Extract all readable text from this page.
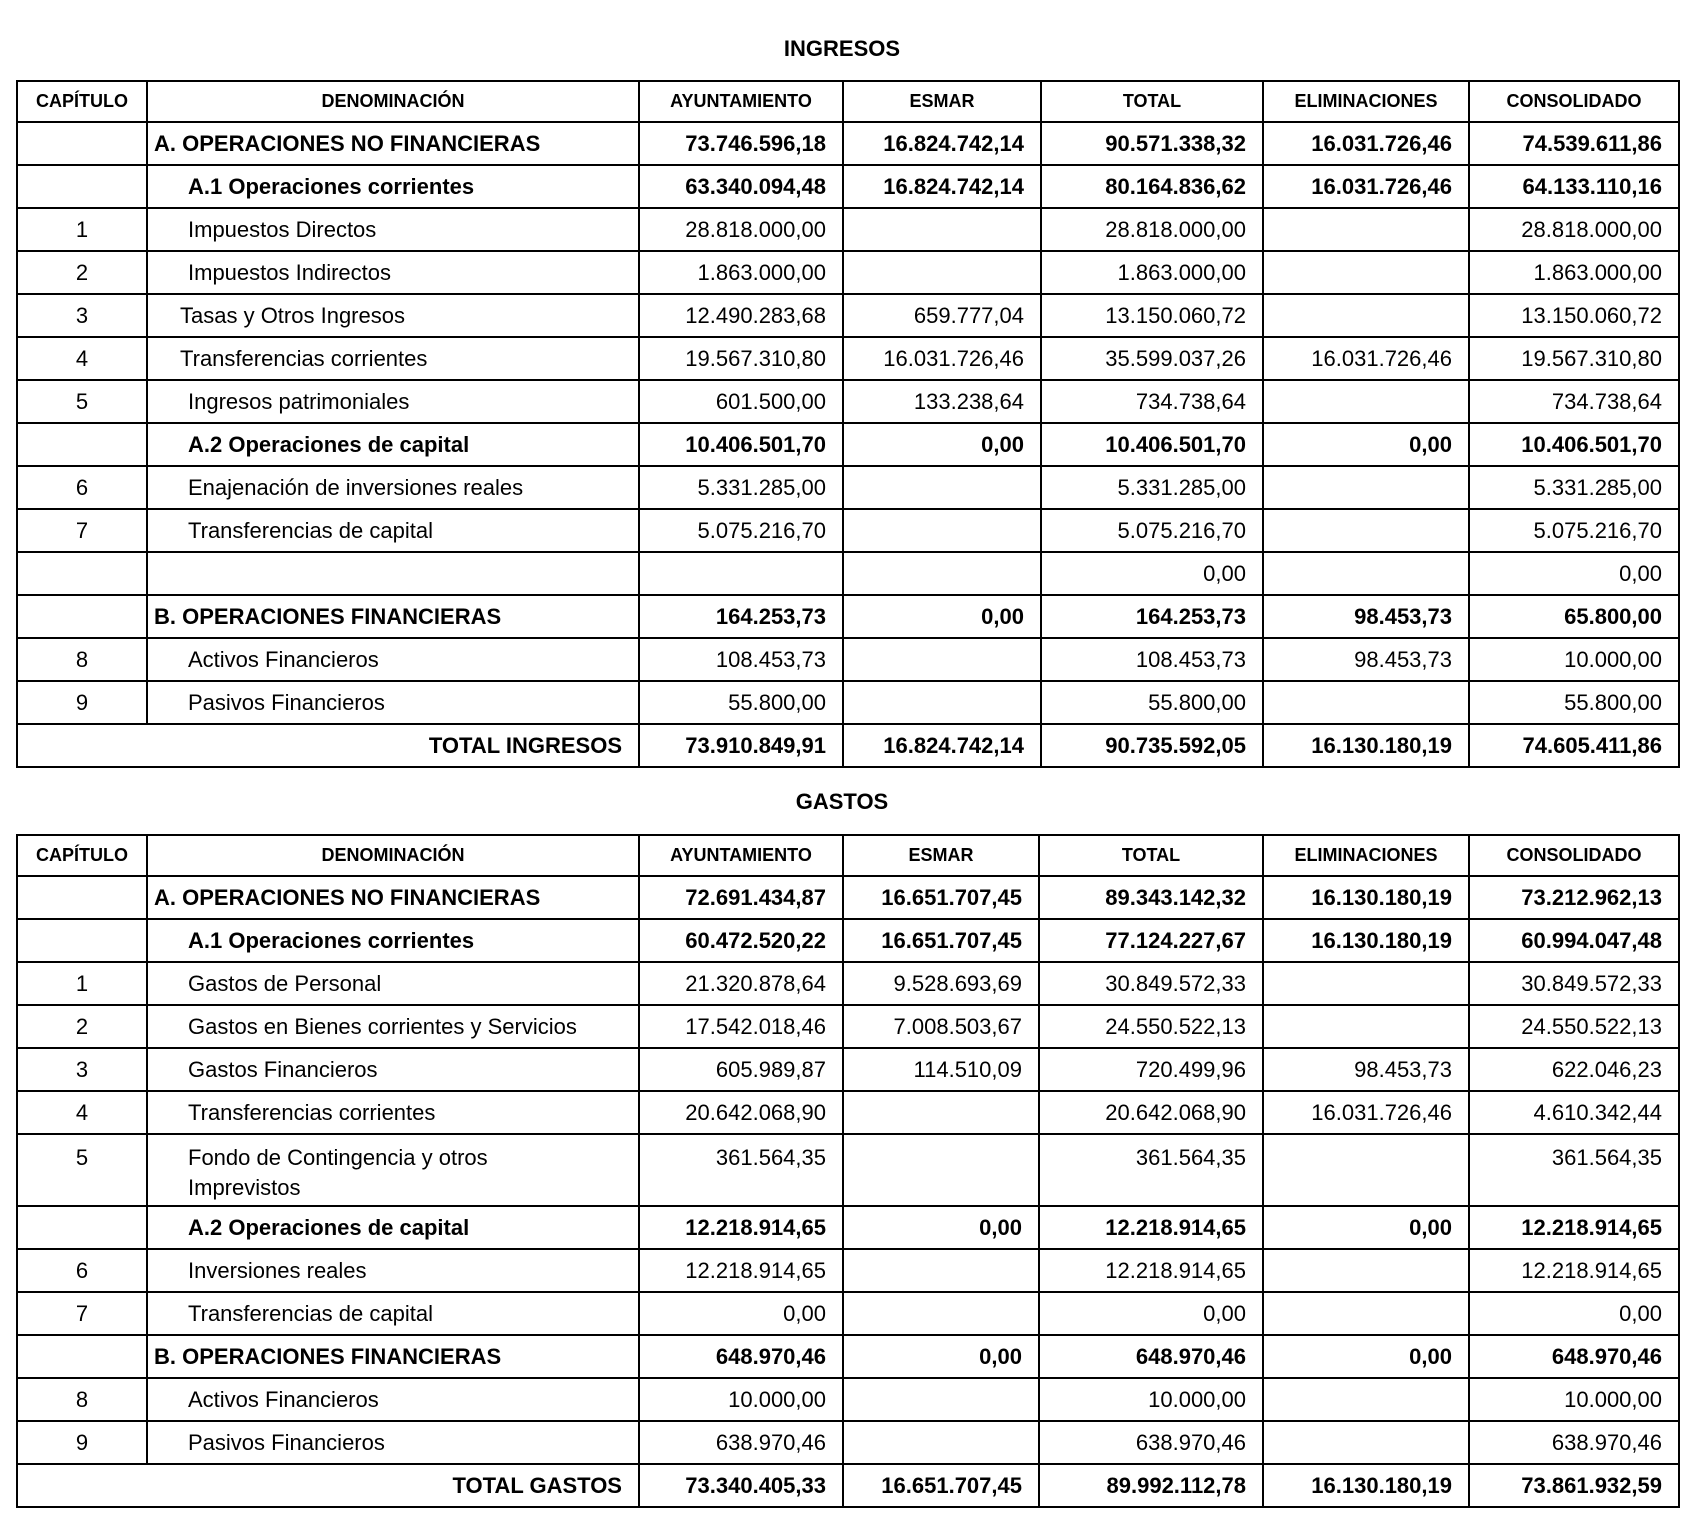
INGRESOS
CAPÍTULO	DENOMINACIÓN	AYUNTAMIENTO	ESMAR	TOTAL	ELIMINACIONES	CONSOLIDADO
	A. OPERACIONES NO FINANCIERAS	73.746.596,18	16.824.742,14	90.571.338,32	16.031.726,46	74.539.611,86
	A.1 Operaciones corrientes	63.340.094,48	16.824.742,14	80.164.836,62	16.031.726,46	64.133.110,16
1	Impuestos Directos	28.818.000,00		28.818.000,00		28.818.000,00
2	Impuestos Indirectos	1.863.000,00		1.863.000,00		1.863.000,00
3	Tasas y Otros Ingresos	12.490.283,68	659.777,04	13.150.060,72		13.150.060,72
4	Transferencias corrientes	19.567.310,80	16.031.726,46	35.599.037,26	16.031.726,46	19.567.310,80
5	Ingresos patrimoniales	601.500,00	133.238,64	734.738,64		734.738,64
	A.2 Operaciones de capital	10.406.501,70	0,00	10.406.501,70	0,00	10.406.501,70
6	Enajenación de inversiones reales	5.331.285,00		5.331.285,00		5.331.285,00
7	Transferencias de capital	5.075.216,70		5.075.216,70		5.075.216,70
				0,00		0,00
	B. OPERACIONES FINANCIERAS	164.253,73	0,00	164.253,73	98.453,73	65.800,00
8	Activos Financieros	108.453,73		108.453,73	98.453,73	10.000,00
9	Pasivos Financieros	55.800,00		55.800,00		55.800,00
TOTAL INGRESOS		73.910.849,91	16.824.742,14	90.735.592,05	16.130.180,19	74.605.411,86
GASTOS
CAPÍTULO	DENOMINACIÓN	AYUNTAMIENTO	ESMAR	TOTAL	ELIMINACIONES	CONSOLIDADO
	A. OPERACIONES NO FINANCIERAS	72.691.434,87	16.651.707,45	89.343.142,32	16.130.180,19	73.212.962,13
	A.1 Operaciones corrientes	60.472.520,22	16.651.707,45	77.124.227,67	16.130.180,19	60.994.047,48
1	Gastos de Personal	21.320.878,64	9.528.693,69	30.849.572,33		30.849.572,33
2	Gastos en Bienes corrientes y Servicios	17.542.018,46	7.008.503,67	24.550.522,13		24.550.522,13
3	Gastos Financieros	605.989,87	114.510,09	720.499,96	98.453,73	622.046,23
4	Transferencias corrientes	20.642.068,90		20.642.068,90	16.031.726,46	4.610.342,44
5	Fondo de Contingencia y otros Imprevistos	361.564,35		361.564,35		361.564,35
	A.2 Operaciones de capital	12.218.914,65	0,00	12.218.914,65	0,00	12.218.914,65
6	Inversiones reales	12.218.914,65		12.218.914,65		12.218.914,65
7	Transferencias de capital	0,00		0,00		0,00
	B. OPERACIONES FINANCIERAS	648.970,46	0,00	648.970,46	0,00	648.970,46
8	Activos Financieros	10.000,00		10.000,00		10.000,00
9	Pasivos Financieros	638.970,46		638.970,46		638.970,46
TOTAL GASTOS		73.340.405,33	16.651.707,45	89.992.112,78	16.130.180,19	73.861.932,59
